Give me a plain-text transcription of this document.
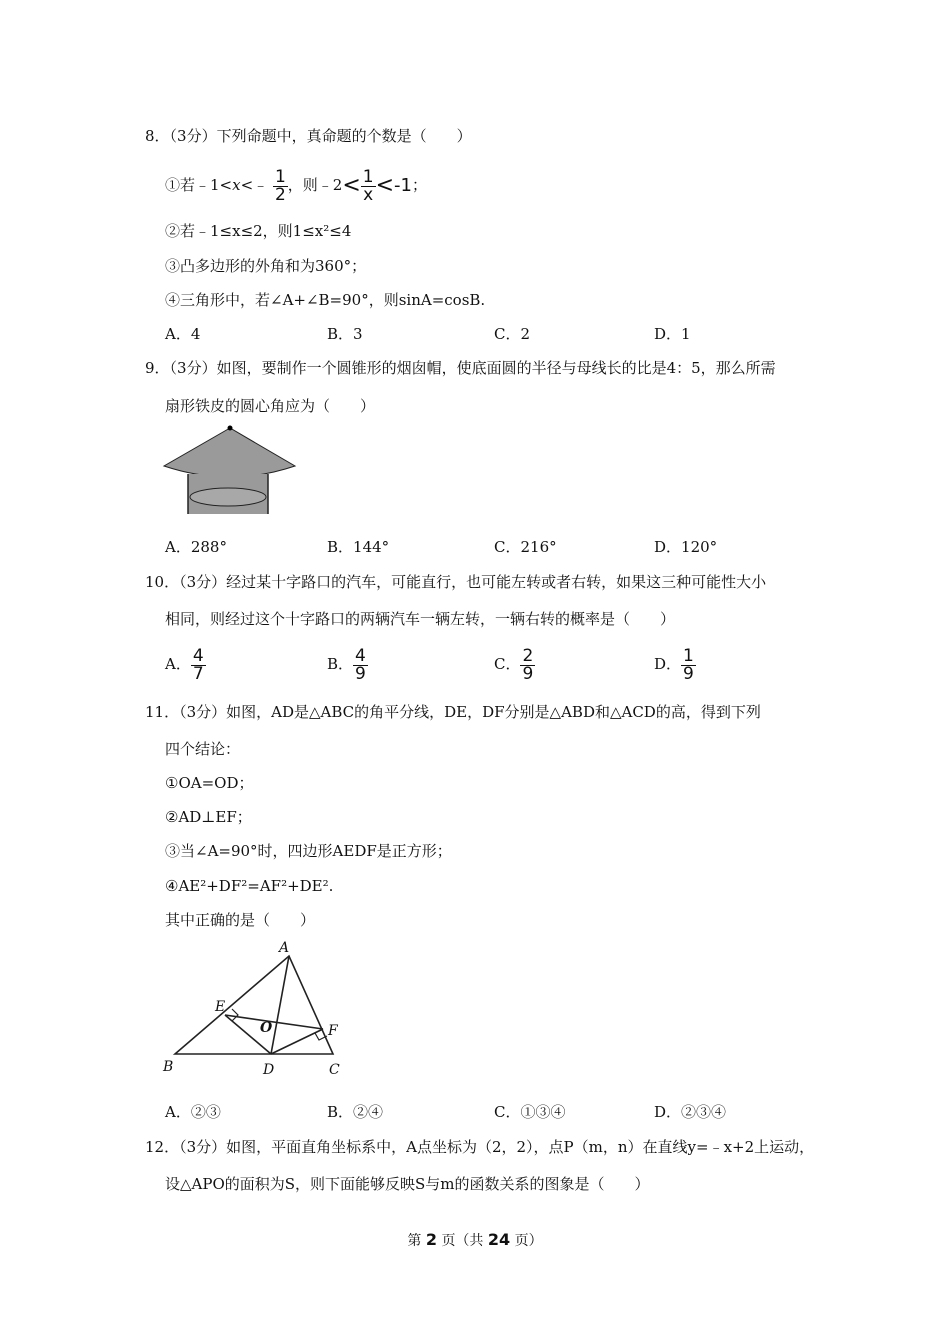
8．（3分）下列命题中，真命题的个数是（　　）
①若﹣1<x<﹣ $\frac{1}{2}$ ，则﹣2< $\frac{1}{x} <-1$；
②若﹣1≤x≤2，则1≤x²≤4
③凸多边形的外角和为360°；
④三角形中，若∠A+∠B=90°，则sinA=cosB.
A．4	B．3	C．2	D．1
9．（3分）如图，要制作一个圆锥形的烟囱帽，使底面圆的半径与母线长的比是4：5，那么所需
扇形铁皮的圆心角应为（　　）
A．288°	B．144°	C．216°	D．120°
10．（3分）经过某十字路口的汽车，可能直行，也可能左转或者右转，如果这三种可能性大小
相同，则经过这个十字路口的两辆汽车一辆左转，一辆右转的概率是（　　）
A． $\frac{4}{7}$	B． $\frac{4}{9}$	C． $\frac{2}{9}$	D． $\frac{1}{9}$
11．（3分）如图，AD是△ABC的角平分线，DE，DF分别是△ABD和△ACD的高，得到下列
四个结论：
①OA=OD；
②AD⊥EF；
③当∠A=90°时，四边形AEDF是正方形；
④AE²+DF²=AF²+DE².
其中正确的是（　　）
A
B	C
D
E
F
O
A．②③	B．②④	C．①③④	D．②③④
12．（3分）如图，平面直角坐标系中，A点坐标为（2，2），点P（m，n）在直线y=﹣x+2上运动，
设△APO的面积为S，则下面能够反映S与m的函数关系的图象是（　　）
第 2 页（共 24 页）
